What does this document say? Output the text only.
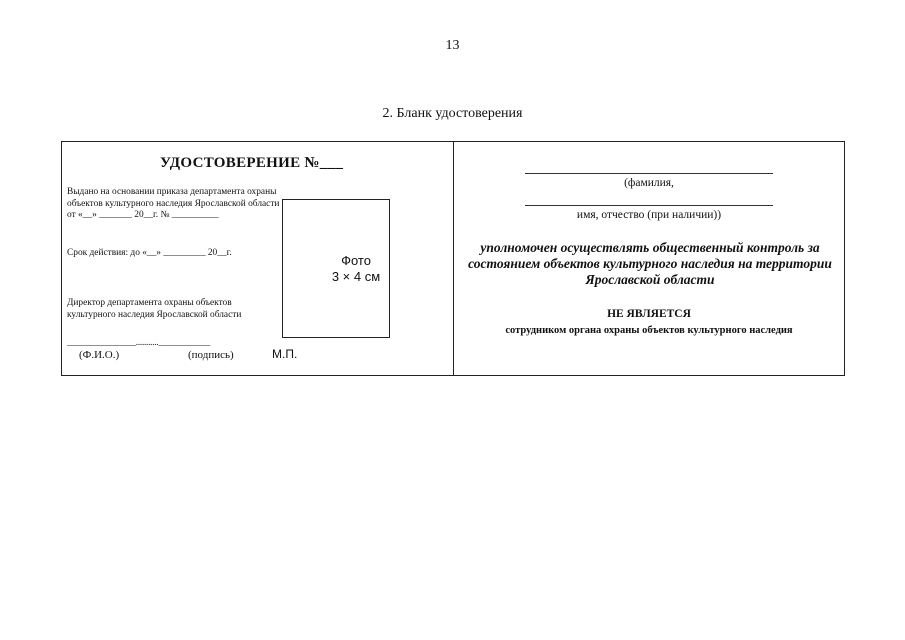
13
2. Бланк удостоверения
УДОСТОВЕРЕНИЕ №___
Выдано на основании приказа департамента охраны объектов культурного наследия Ярославской области от «__» _______ 20__г. № __________
Срок действия: до «__» _________ 20__г.
Директор департамента охраны объектов культурного наследия Ярославской области
________________...........____________
(Ф.И.О.)	(подпись)	М.П.
Фото
3 × 4 см
(фамилия,
имя, отчество (при наличии))
уполномочен осуществлять общественный контроль за состоянием объектов культурного наследия на территории Ярославской области
НЕ ЯВЛЯЕТСЯ
сотрудником органа охраны объектов культурного наследия
